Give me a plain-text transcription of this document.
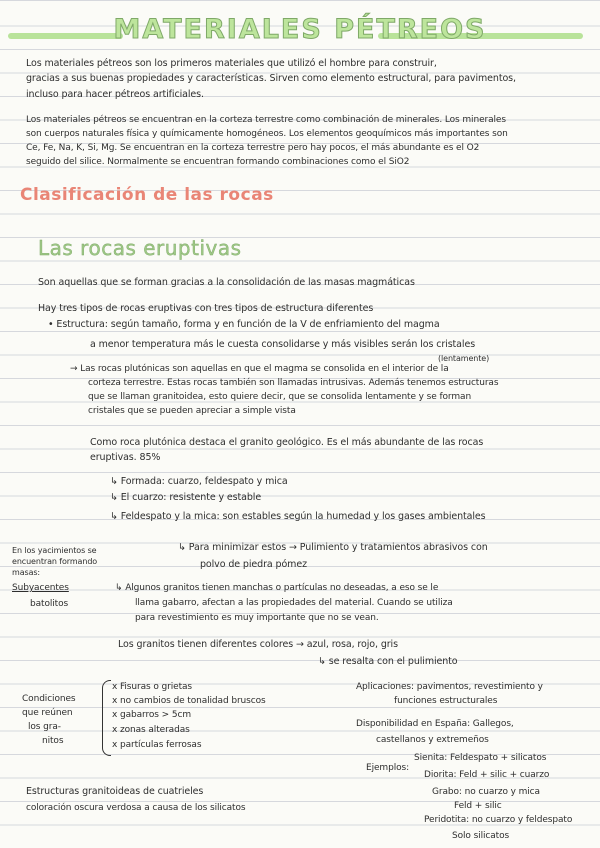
MATERIALES PÉTREOS
Los materiales pétreos son los primeros materiales que utilizó el hombre para construir,
gracias a sus buenas propiedades y características. Sirven como elemento estructural, para pavimentos,
incluso para hacer pétreos artificiales.
Los materiales pétreos se encuentran en la corteza terrestre como combinación de minerales. Los minerales
son cuerpos naturales física y químicamente homogéneos. Los elementos geoquímicos más importantes son
Ce, Fe, Na, K, Si, Mg. Se encuentran en la corteza terrestre pero hay pocos, el más abundante es el O2
seguido del silice. Normalmente se encuentran formando combinaciones como el SiO2
Clasificación de las rocas
Las rocas eruptivas
Son aquellas que se forman gracias a la consolidación de las masas magmáticas
Hay tres tipos de rocas eruptivas con tres tipos de estructura diferentes
• Estructura: según tamaño, forma y en función de la V de enfriamiento del magma
a menor temperatura más le cuesta consolidarse y más visibles serán los cristales
(lentamente)
→ Las rocas plutónicas son aquellas en que el magma se consolida en el interior de la
corteza terrestre. Estas rocas también son llamadas intrusivas. Además tenemos estructuras
que se llaman granitoidea, esto quiere decir, que se consolida lentamente y se forman
cristales que se pueden apreciar a simple vista
Como roca plutónica destaca el granito geológico. Es el más abundante de las rocas
eruptivas. 85%
↳ Formada: cuarzo, feldespato y mica
↳ El cuarzo: resistente y estable
↳ Feldespato y la mica: son estables según la humedad y los gases ambientales
En los yacimientos se
encuentran formando
masas:
Subyacentes
batolitos
↳ Para minimizar estos → Pulimiento y tratamientos abrasivos con
polvo de piedra pómez
↳ Algunos granitos tienen manchas o partículas no deseadas, a eso se le
llama gabarro, afectan a las propiedades del material. Cuando se utiliza
para revestimiento es muy importante que no se vean.
Los granitos tienen diferentes colores → azul, rosa, rojo, gris
↳ se resalta con el pulimiento
Condiciones
que reúnen
los gra-
nitos
x Fisuras o grietas
x no cambios de tonalidad bruscos
x gabarros > 5cm
x zonas alteradas
x partículas ferrosas
Aplicaciones: pavimentos, revestimiento y
funciones estructurales
Disponibilidad en España: Gallegos,
castellanos y extremeños
Ejemplos:
Sienita: Feldespato + silicatos
Diorita: Feld + silic + cuarzo
Grabo: no cuarzo y mica
Feld + silic
Peridotita: no cuarzo y feldespato
Solo silicatos
Estructuras granitoideas de cuatrieles
coloración oscura verdosa a causa de los silicatos
